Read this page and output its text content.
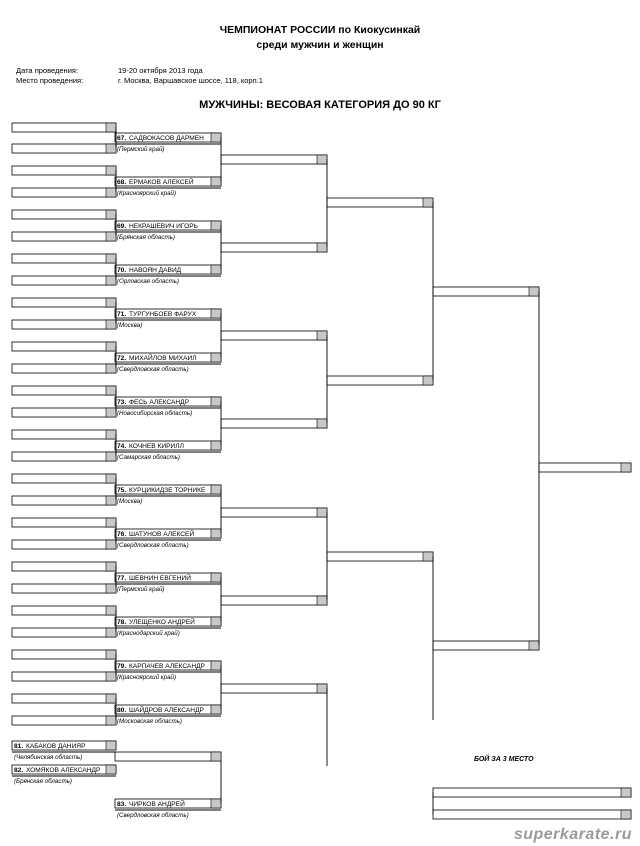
ЧЕМПИОНАТ РОССИИ по Киокусинкай
среди мужчин и женщин
Дата проведения:	19-20 октября 2013 года
Место проведения:	г. Москва, Варшавское шоссе, 118, корп.1
МУЖЧИНЫ: ВЕСОВАЯ КАТЕГОРИЯ ДО 90 КГ
67. САДВОКАСОВ ДАРМЕН
(Пермский край)
68. ЕРМАКОВ АЛЕКСЕЙ
(Красноярский край)
69. НЕКРАШЕВИЧ ИГОРЬ
(Брянская область)
70. НАВОЯН ДАВИД
(Орловская область)
71. ТУРГУНБОЕВ ФАРУХ
(Москва)
72. МИХАЙЛОВ МИХАИЛ
(Свердловская область)
73. ФЕСЬ АЛЕКСАНДР
(Новосибирская область)
74. КОЧНЕВ КИРИЛЛ
(Самарская область)
75. КУРЦИКИДЗЕ ТОРНИКЕ
(Москва)
76. ШАТУНОВ АЛЕКСЕЙ
(Свердловская область)
77. ШЕВНИН ЕВГЕНИЙ
(Пермский край)
78. УЛЕЩЕНКО АНДРЕЙ
(Краснодарский край)
79. КАРПАЧЕВ АЛЕКСАНДР
(Красноярский край)
80. ШАЙДРОВ АЛЕКСАНДР
(Московская область)
81. КАБАКОВ ДАНИЯР
(Челябинская область)
82. ХОМЯКОВ АЛЕКСАНДР
(Брянская область)
83. ЧИРКОВ АНДРЕЙ
(Свердловская область)
БОЙ ЗА 3 МЕСТО
superkarate.ru
